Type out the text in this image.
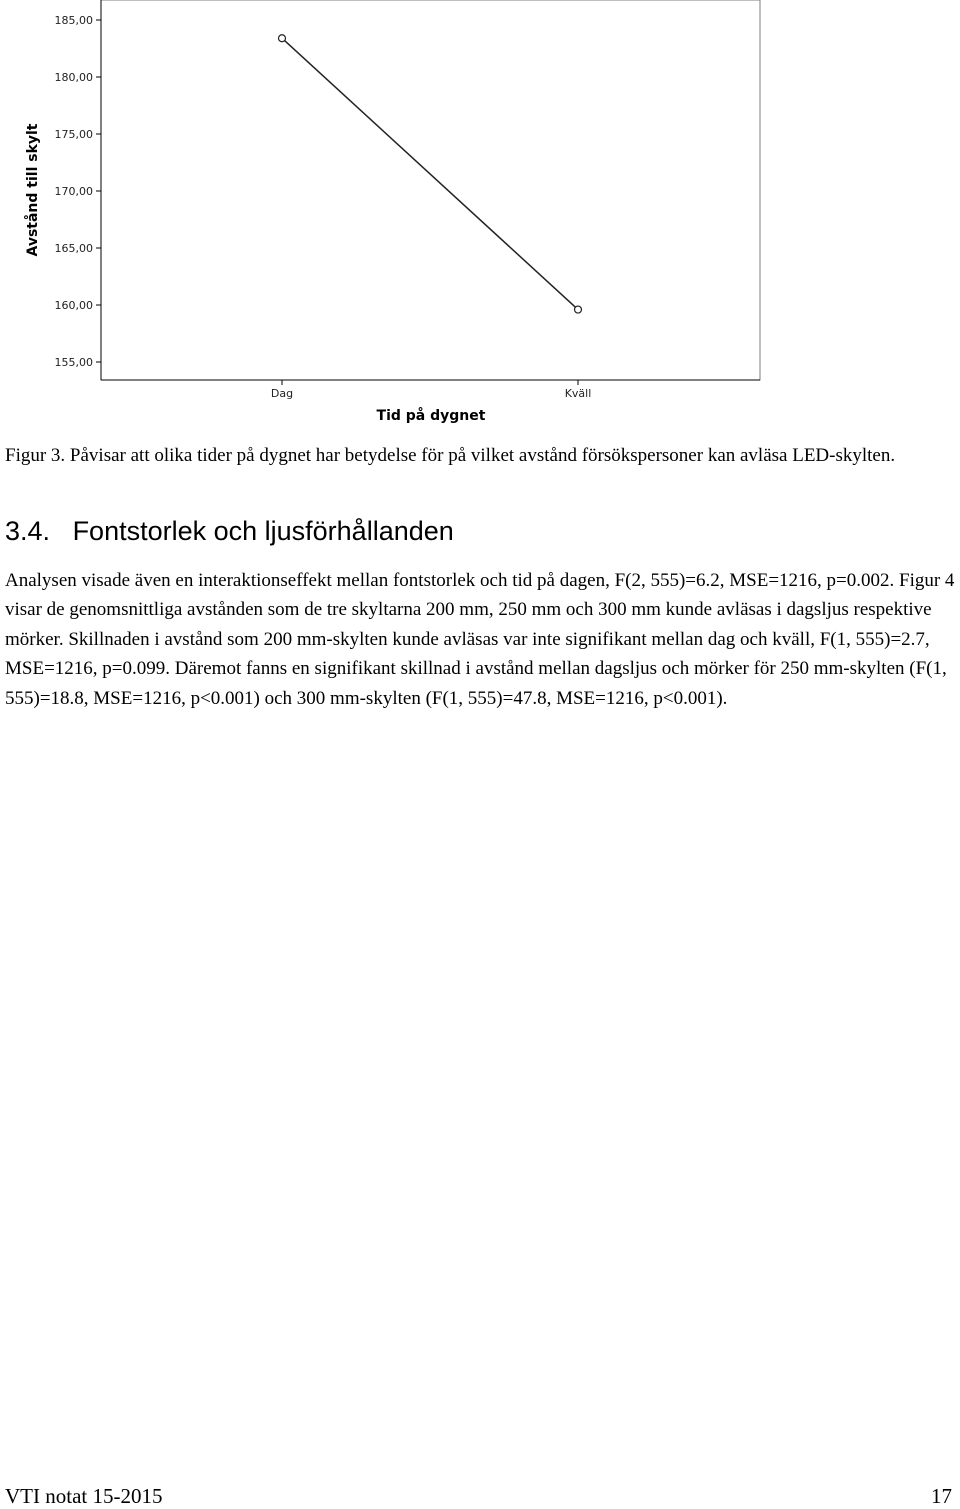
155,00
160,00
165,00
170,00
175,00
180,00
185,00
Dag	Kväll
Avstånd till skylt
Tid på dygnet
Figur 3. Påvisar att olika tider på dygnet har betydelse för på vilket avstånd försökspersoner kan avläsa LED-skylten.
3.4. Fontstorlek och ljusförhållanden
Analysen visade även en interaktionseffekt mellan fontstorlek och tid på dagen, F(2, 555)=6.2, MSE=1216, p=0.002. Figur 4 visar de genomsnittliga avstånden som de tre skyltarna 200 mm, 250 mm och 300 mm kunde avläsas i dagsljus respektive mörker. Skillnaden i avstånd som 200 mm-skylten kunde avläsas var inte signifikant mellan dag och kväll, F(1, 555)=2.7, MSE=1216, p=0.099. Däremot fanns en signifikant skillnad i avstånd mellan dagsljus och mörker för 250 mm-skylten (F(1, 555)=18.8, MSE=1216, p<0.001) och 300 mm-skylten (F(1, 555)=47.8, MSE=1216, p<0.001).
VTI notat 15-2015	17
